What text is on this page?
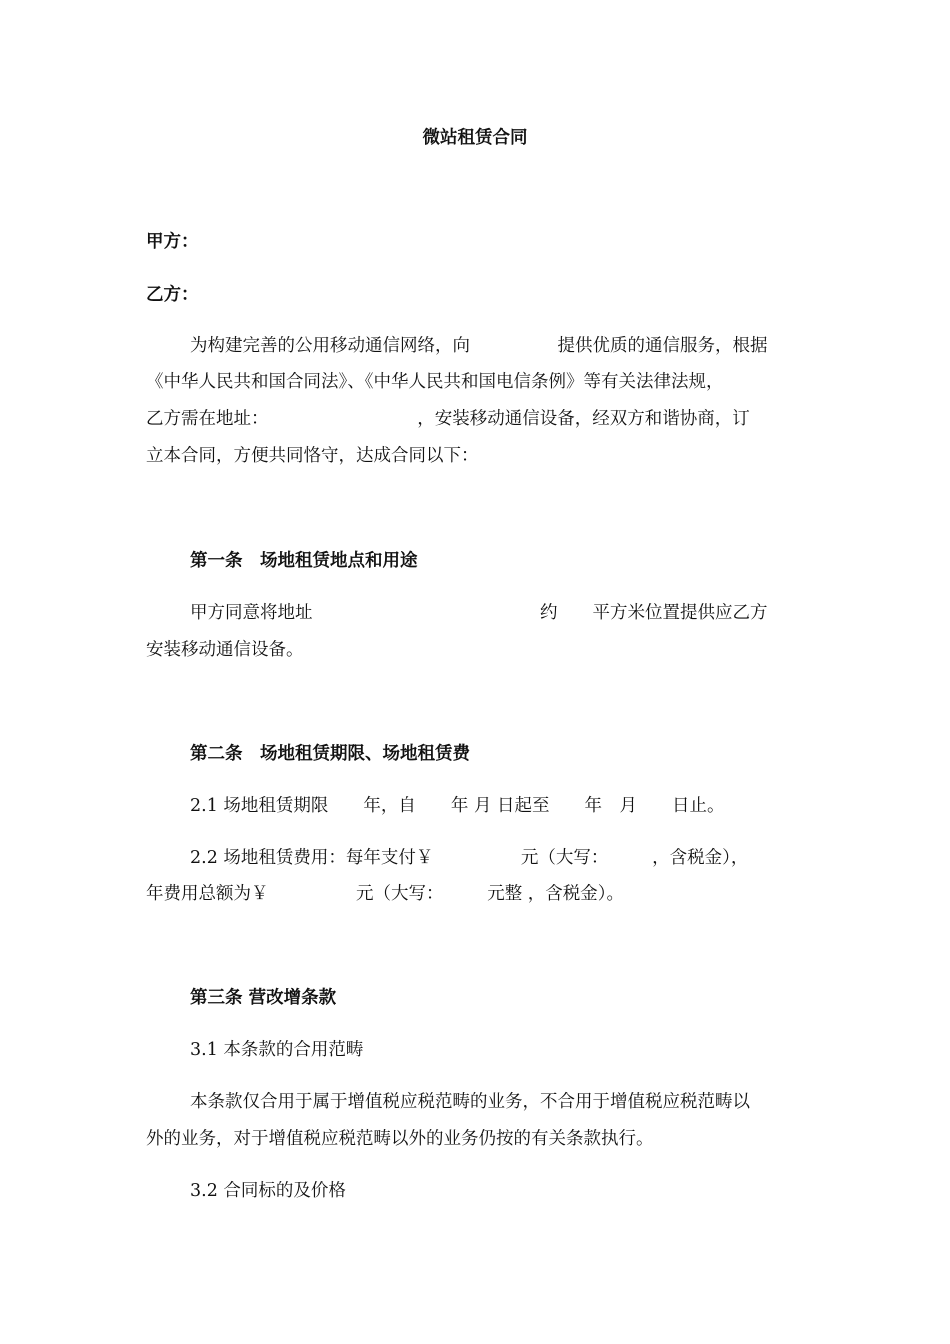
微站租赁合同

甲方：

乙方：

为构建完善的公用移动通信网络，向　　　　　提供优质的通信服务，根据

《中华人民共和国合同法》、《中华人民共和国电信条例》等有关法律法规，

乙方需在地址：　　　　　　　　　，安装移动通信设备，经双方和谐协商，订

立本合同，方便共同恪守，达成合同以下：

第一条　场地租赁地点和用途

甲方同意将地址　　　　　　　　　　　　　约　　平方米位置提供应乙方

安装移动通信设备。

第二条　场地租赁期限、场地租赁费

2.1 场地租赁期限　　年，自　　年 月 日起至　　年　月　　日止。

2.2 场地租赁费用：每年支付￥　　　　　元（大写：　　　，含税金），

年费用总额为￥　　　　　元（大写：　　　元整 ，含税金）。

第三条 营改增条款

3.1 本条款的合用范畴

本条款仅合用于属于增值税应税范畴的业务，不合用于增值税应税范畴以

外的业务，对于增值税应税范畴以外的业务仍按的有关条款执行。

3.2 合同标的及价格
